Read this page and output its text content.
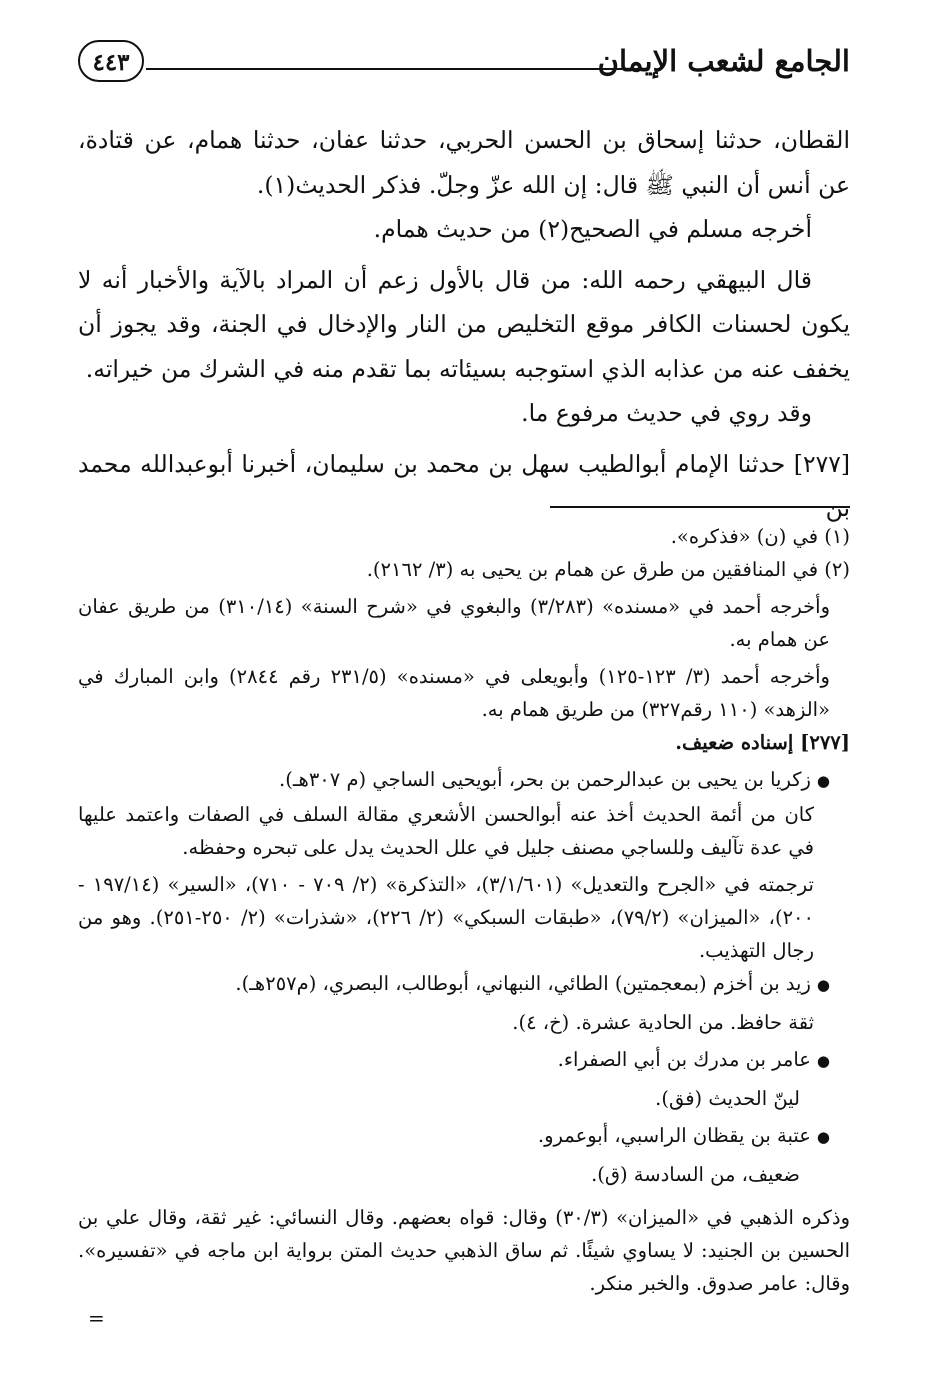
الجامع لشعب الإيمان
٤٤٣

القطان، حدثنا إسحاق بن الحسن الحربي، حدثنا عفان، حدثنا همام، عن قتادة، عن أنس أن النبي ﷺ قال: إن الله عزّ وجلّ. فذكر الحديث(١).

أخرجه مسلم في الصحيح(٢) من حديث همام.

قال البيهقي رحمه الله: من قال بالأول زعم أن المراد بالآية والأخبار أنه لا يكون لحسنات الكافر موقع التخليص من النار والإدخال في الجنة، وقد يجوز أن يخفف عنه من عذابه الذي استوجبه بسيئاته بما تقدم منه في الشرك من خيراته.

وقد روي في حديث مرفوع ما.

[٢٧٧] حدثنا الإمام أبوالطيب سهل بن محمد بن سليمان، أخبرنا أبوعبدالله محمد بن

(١) في (ن) «فذكره».

(٢) في المنافقين من طرق عن همام بن يحيى به (٣/ ٢١٦٢).

وأخرجه أحمد في «مسنده» (٣/٢٨٣) والبغوي في «شرح السنة» (٣١٠/١٤) من طريق عفان عن همام به.

وأخرجه أحمد (٣/ ١٢٣-١٢٥) وأبويعلى في «مسنده» (٢٣١/٥ رقم ٢٨٤٤) وابن المبارك في «الزهد» (١١٠ رقم٣٢٧) من طريق همام به.

[٢٧٧] إسناده ضعيف.

●زكريا بن يحيى بن عبدالرحمن بن بحر، أبويحيى الساجي (م ٣٠٧هـ).

كان من أئمة الحديث أخذ عنه أبوالحسن الأشعري مقالة السلف في الصفات واعتمد عليها في عدة تآليف وللساجي مصنف جليل في علل الحديث يدل على تبحره وحفظه.

ترجمته في «الجرح والتعديل» (٣/١/٦٠١)، «التذكرة» (٢/ ٧٠٩ - ٧١٠)، «السير» (١٩٧/١٤ - ٢٠٠)، «الميزان» (٧٩/٢)، «طبقات السبكي» (٢/ ٢٢٦)، «شذرات» (٢/ ٢٥٠-٢٥١). وهو من رجال التهذيب.

●زيد بن أخزم (بمعجمتين) الطائي، النبهاني، أبوطالب، البصري، (م٢٥٧هـ).

ثقة حافظ. من الحادية عشرة. (خ، ٤).

●عامر بن مدرك بن أبي الصفراء.

لينّ الحديث (فق).

●عتبة بن يقظان الراسبي، أبوعمرو.

ضعيف، من السادسة (ق).

وذكره الذهبي في «الميزان» (٣٠/٣) وقال: قواه بعضهم. وقال النسائي: غير ثقة، وقال علي بن الحسين بن الجنيد: لا يساوي شيئًا. ثم ساق الذهبي حديث المتن برواية ابن ماجه في «تفسيره». وقال: عامر صدوق. والخبر منكر.

=
